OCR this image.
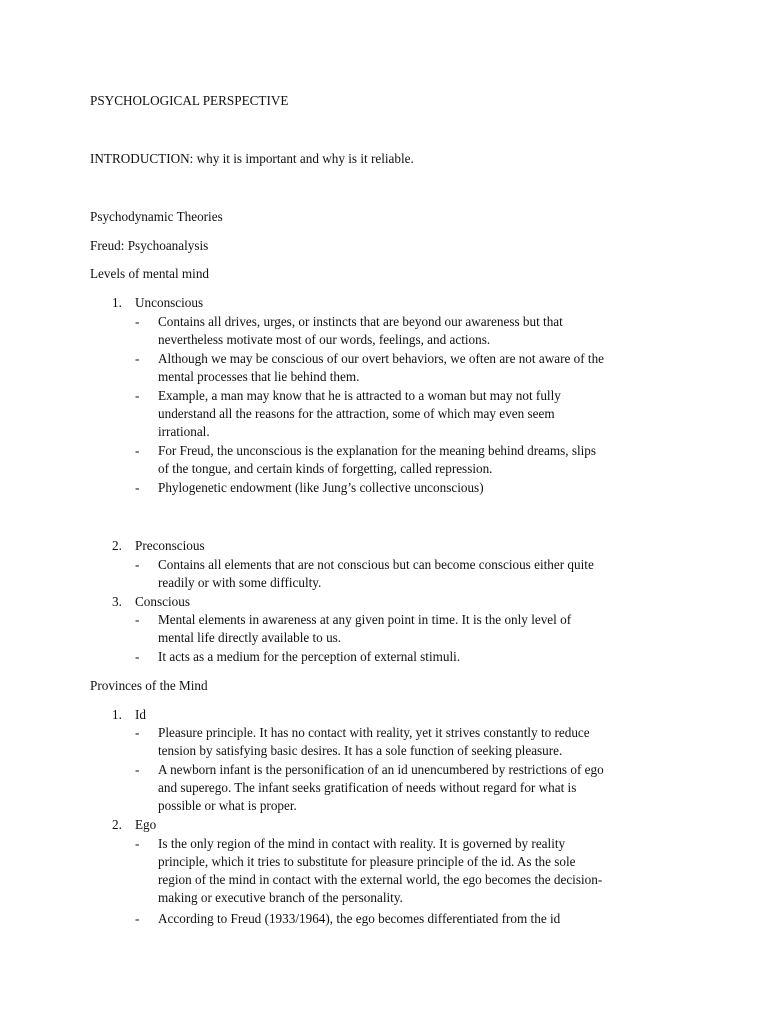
PSYCHOLOGICAL PERSPECTIVE
INTRODUCTION: why it is important and why is it reliable.
Psychodynamic Theories
Freud: Psychoanalysis
Levels of mental mind
1. Unconscious
- Contains all drives, urges, or instincts that are beyond our awareness but that
nevertheless motivate most of our words, feelings, and actions.
- Although we may be conscious of our overt behaviors, we often are not aware of the
mental processes that lie behind them.
- Example, a man may know that he is attracted to a woman but may not fully
understand all the reasons for the attraction, some of which may even seem
irrational.
- For Freud, the unconscious is the explanation for the meaning behind dreams, slips
of the tongue, and certain kinds of forgetting, called repression.
- Phylogenetic endowment (like Jung’s collective unconscious)
2. Preconscious
- Contains all elements that are not conscious but can become conscious either quite
readily or with some difficulty.
3. Conscious
- Mental elements in awareness at any given point in time. It is the only level of
mental life directly available to us.
- It acts as a medium for the perception of external stimuli.
Provinces of the Mind
1. Id
- Pleasure principle. It has no contact with reality, yet it strives constantly to reduce
tension by satisfying basic desires. It has a sole function of seeking pleasure.
- A newborn infant is the personification of an id unencumbered by restrictions of ego
and superego. The infant seeks gratification of needs without regard for what is
possible or what is proper.
2. Ego
- Is the only region of the mind in contact with reality. It is governed by reality
principle, which it tries to substitute for pleasure principle of the id. As the sole
region of the mind in contact with the external world, the ego becomes the decision-
making or executive branch of the personality.
- According to Freud (1933/1964), the ego becomes differentiated from the id
